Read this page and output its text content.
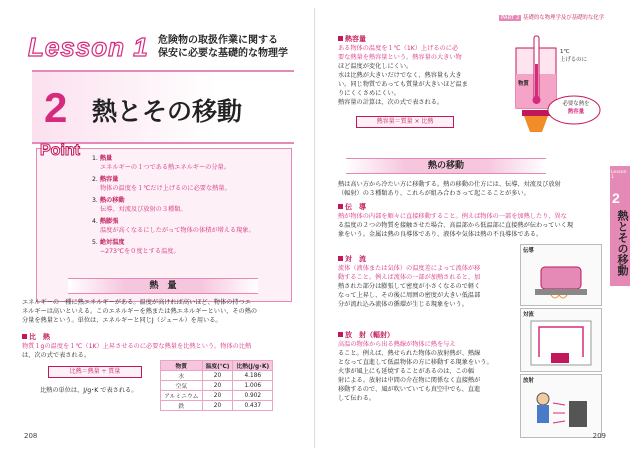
Lesson 1 危険物の取扱作業に関する
保安に必要な基礎的な物理学
2 熱とその移動
Point 1. 熱量
エネルギーの１つである熱エネルギーの分量。
2. 熱容量
物体の温度を１℃だけ上げるのに必要な熱量。
3. 熱の移動
伝導、対流及び放射の３種類。
4. 熱膨張
温度が高くなるにしたがって物体の体積が増える現象。
5. 絶対温度
−273℃を０度とする温度。
熱　量
エネルギーの一種に熱エネルギーがある。温度が高ければ高いほど、物体の持つエ
ネルギーは高いといえる。このエネルギーを熱または熱エネルギーといい、その熱の
分量を熱量という。単位は、エネルギーと同じJ（ジュール）を用いる。
比　熱
物質１gの温度を１℃（1K）上昇させるのに必要な熱量を比熱という。物体の比熱
は、次の式で表される。
比熱＝熱量 ÷ 質量
比熱の単位は、J/g･K で表される。
物質	温度(℃)	比熱(J/g･K)
水	20	4.186
空気	20	1.006
アルミニウム	20	0.902
鉄	20	0.437
208
PART 2 基礎的な物理学及び基礎的な化学
熱容量
ある物体の温度を１℃（1K）上げるのに必
要な熱量を熱容量という。熱容量の大きい物
ほど温度が変化しにくい。
水は比熱が大きいだけでなく、熱容量も大き
い。同じ物質であっても質量が大きいほど温ま
りにくくさめにくい。
熱容量の計算は、次の式で表される。
熱容量＝質量 × 比熱
1℃
上げるのに
物質
必要な熱を
熱容量
熱の移動
熱は高い方から冷たい方に移動する。熱の移動の仕方には、伝導、対流及び放射
（輻射）の３種類あり、これらが組み合わさって起こることが多い。
伝　導
熱が物体の内部を順々に直接移動すること。例えば物体の一部を加熱したり、異な
る温度の２つの物質を接触させた場合、高温部から低温部に直接熱が伝わっていく現
象をいう。金属は熱の良導体であり、液体や気体は熱の不良導体である。
対　流
流体（液体または気体）の温度差によって流体が移
動すること。例えば流体の一部が加熱されると、加
熱された部分は膨張して密度が小さくなるので軽く
なって上昇し、その後に周囲の密度が大きい低温部
分が流れ込み流体の循環が生じる現象をいう。
放　射（輻射）
高温の物体から出る熱線が物体に熱を与え
ること。例えば、熱せられた物体の放射熱が、熱線
となって直進して低温物体の方に移動する現象をいう。
火事が風上にも延焼することがあるのは、この輻
射による。放射は中間の介在物に関係なく直接熱が
移動するので、風が吹いていても真空中でも、直進
して伝わる。
伝導
対流
放射
Lesson 1
2
熱とその移動
209
